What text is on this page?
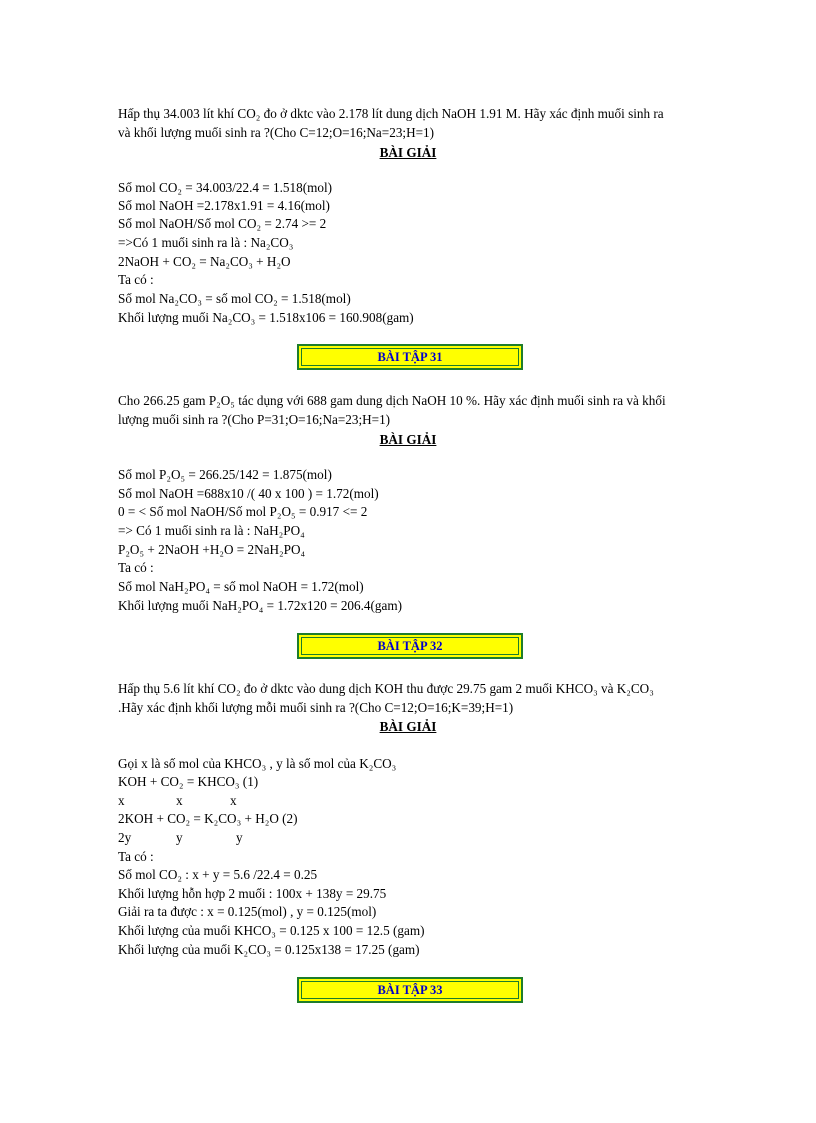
Hấp thụ 34.003 lít khí CO₂ đo ở dktc vào 2.178 lít dung dịch NaOH 1.91 M. Hãy xác định muối sinh ra
và khối lượng muối sinh ra ?(Cho C=12;O=16;Na=23;H=1)
BÀI GIẢI
Số mol CO₂ = 34.003/22.4 = 1.518(mol)
Số mol NaOH =2.178x1.91 = 4.16(mol)
Số mol NaOH/Số mol CO₂ = 2.74 >= 2
=>Có 1 muối sinh ra là : Na₂CO₃
2NaOH + CO₂ = Na₂CO₃ + H₂O
Ta có :
Số mol Na₂CO₃ = số mol CO₂ = 1.518(mol)
Khối lượng muối Na₂CO₃ = 1.518x106 = 160.908(gam)
BÀI TẬP 31
Cho 266.25 gam P₂O₅ tác dụng với 688 gam dung dịch NaOH 10 %. Hãy xác định muối sinh ra và khối
lượng muối sinh ra ?(Cho P=31;O=16;Na=23;H=1)
BÀI GIẢI
Số mol P₂O₅ = 266.25/142 = 1.875(mol)
Số mol NaOH =688x10 /( 40 x 100 ) = 1.72(mol)
0 = < Số mol NaOH/Số mol P₂O₅ = 0.917 <= 2
=> Có 1 muối sinh ra là : NaH₂PO₄
P₂O₅ + 2NaOH +H₂O = 2NaH₂PO₄
Ta có :
Số mol NaH₂PO₄ = số mol NaOH = 1.72(mol)
Khối lượng muối NaH₂PO₄ = 1.72x120 = 206.4(gam)
BÀI TẬP 32
Hấp thụ 5.6 lít khí CO₂ đo ở dktc vào dung dịch KOH thu được 29.75 gam 2 muối KHCO₃ và K₂CO₃
.Hãy xác định khối lượng mỗi muối sinh ra ?(Cho C=12;O=16;K=39;H=1)
BÀI GIẢI
Gọi x là số mol của KHCO₃ , y là số mol của K₂CO₃
KOH + CO₂ = KHCO₃ (1)
x	x	x
2KOH + CO₂ = K₂CO₃ + H₂O (2)
2y	y	y
Ta có :
Số mol CO₂ : x + y = 5.6 /22.4 = 0.25
Khối lượng hỗn hợp 2 muối : 100x + 138y = 29.75
Giải ra ta được : x = 0.125(mol) , y = 0.125(mol)
Khối lượng của muối KHCO₃ = 0.125 x 100 = 12.5 (gam)
Khối lượng của muối K₂CO₃ = 0.125x138 = 17.25 (gam)
BÀI TẬP 33
